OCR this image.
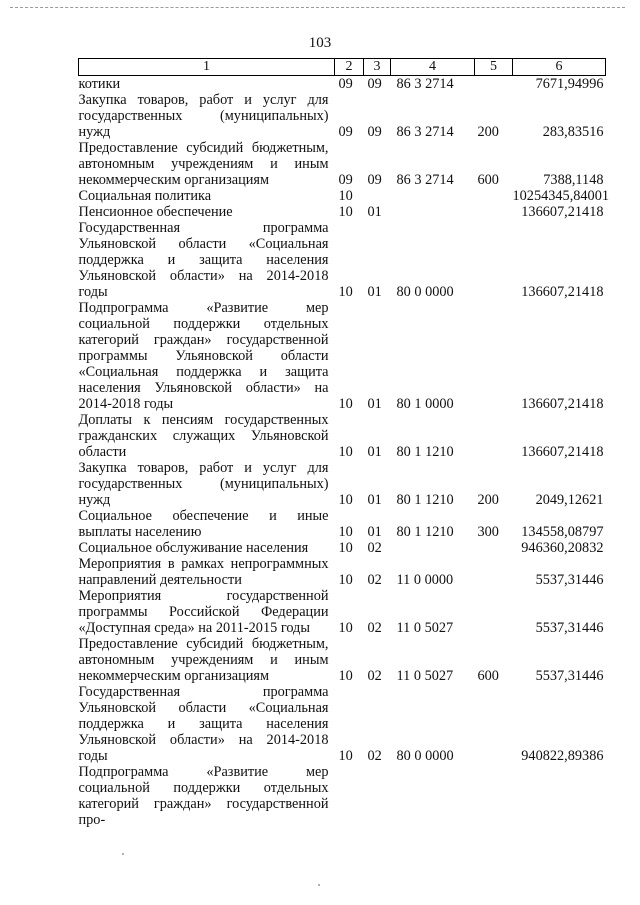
103
1	2	3	4	5	6
котики	09	09	86 3 2714		7671,94996
Закупка товаров, работ и услуг для государственных (муниципальных) нужд	09	09	86 3 2714	200	283,83516
Предоставление субсидий бюджетным, автономным учреждениям и иным некоммерческим организациям	09	09	86 3 2714	600	7388,1148
Социальная политика	10				10254345,84001
Пенсионное обеспечение	10	01			136607,21418
Государственная программа Ульяновской области «Социальная поддержка и защита населения Ульяновской области» на 2014-2018 годы	10	01	80 0 0000		136607,21418
Подпрограмма «Развитие мер социальной поддержки отдельных категорий граждан» государственной программы Ульяновской области «Социальная поддержка и защита населения Ульяновской области» на 2014-2018 годы	10	01	80 1 0000		136607,21418
Доплаты к пенсиям государственных гражданских служащих Ульяновской области	10	01	80 1 1210		136607,21418
Закупка товаров, работ и услуг для государственных (муниципальных) нужд	10	01	80 1 1210	200	2049,12621
Социальное обеспечение и иные выплаты населению	10	01	80 1 1210	300	134558,08797
Социальное обслуживание населения	10	02			946360,20832
Мероприятия в рамках непрограммных направлений деятельности	10	02	11 0 0000		5537,31446
Мероприятия государственной программы Российской Федерации «Доступная среда» на 2011-2015 годы	10	02	11 0 5027		5537,31446
Предоставление субсидий бюджетным, автономным учреждениям и иным некоммерческим организациям	10	02	11 0 5027	600	5537,31446
Государственная программа Ульяновской области «Социальная поддержка и защита населения Ульяновской области» на 2014-2018 годы	10	02	80 0 0000		940822,89386
Подпрограмма «Развитие мер социальной поддержки отдельных категорий граждан» государственной про-					
